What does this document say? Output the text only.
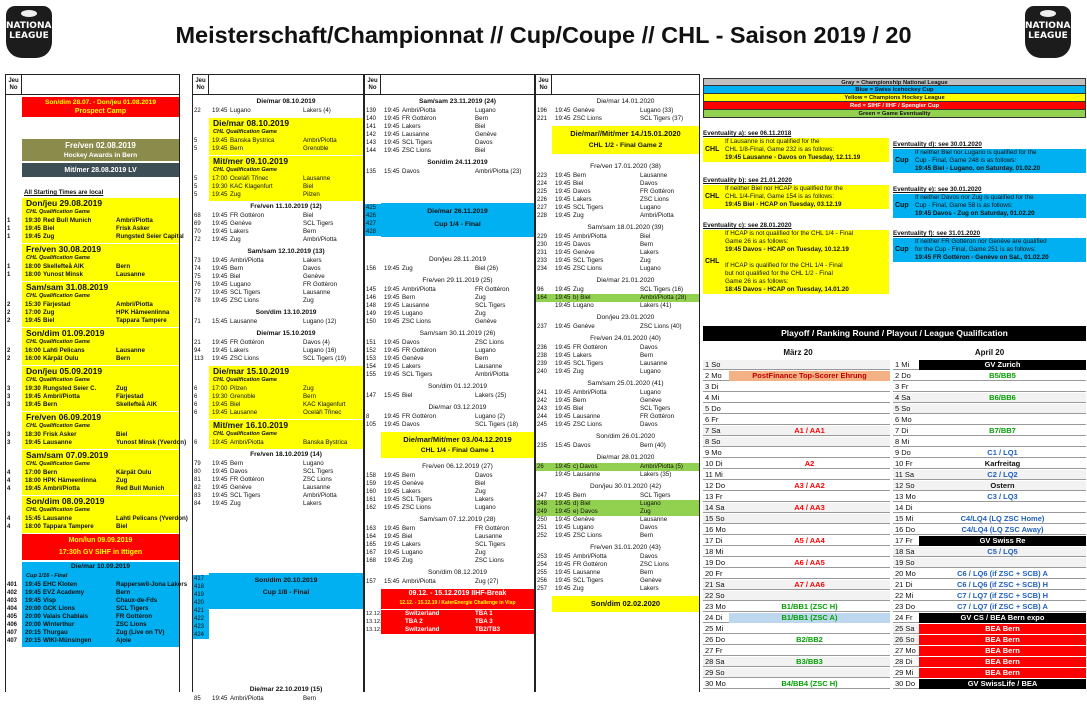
NATIONAL
LEAGUE	Meisterschaft/Championnat // Cup/Coupe // CHL - Saison 2019 / 20	NATIONAL
LEAGUE
Jeu
No
Son/dim 28.07. - Don/jeu 01.08.2019
Prospect Camp
Fre/ven 02.08.2019
Hockey Awards in Bern
Mit/mer 28.08.2019 LV
All Starting Times are local
Don/jeu 29.08.2019
CHL Qualification Game
1	19:30 Red Bull Munich	Ambri/Piotta
1	19:45 Biel	Frisk Asker
1	19:45 Zug	Rungsted Seier Capital
Fre/ven 30.08.2019
CHL Qualification Game
1	18:00 Skellefteå AIK	Bern
1	18:00 Yunost Minsk	Lausanne
Sam/sam 31.08.2019
CHL Qualification Game
2	15:30 Färjestad	Ambri/Piotta
2	17:00 Zug	HPK Hämeenlinna
2	19:45 Biel	Tappara Tampere
Son/dim 01.09.2019
CHL Qualification Game
2	16:00 Lahti Pelicans	Lausanne
2	16:00 Kärpät Oulu	Bern
Don/jeu 05.09.2019
CHL Qualification Game
3	19:30 Rungsted Seier C.	Zug
3	19:45 Ambri/Piotta	Färjestad
3	19:45 Bern	Skellefteå AIK
Fre/ven 06.09.2019
CHL Qualification Game
3	18:30 Frisk Asker	Biel
3	19:45 Lausanne	Yunost Minsk (Yverdon)
Sam/sam 07.09.2019
CHL Qualification Game
4	17:00 Bern	Kärpät Oulu
4	18:00 HPK Hämeenlinna	Zug
4	19:45 Ambri/Piotta	Red Bull Munich
Son/dim 08.09.2019
CHL Qualification Game
4	15:45 Lausanne	Lahti Pelicans (Yverdon)
4	18:00 Tappara Tampere	Biel
Mon/lun 09.09.2019
17:30h GV SIHF in Ittigen
Die/mar 10.09.2019
Cup 1/16 - Final
401	19:45 EHC Kloten	Rapperswil-Jona Lakers
402	19:45 EVZ Academy	Bern
403	19:45 Visp	Chaux-de-Fds
404	20:00 GCK Lions	SCL Tigers
405	20:00 Valais Chablais	FR Gottéron
406	20:00 Winterthur	ZSC Lions
407	20:15 Thurgau	Zug (Live on TV)
407	20:15 WIKI-Münsingen	Ajoie
Jeu
No
Die/mar 08.10.2019
22	19:45 Lugano	Lakers (4)
Die/mar 08.10.2019
CHL Qualification Game
5	19:45 Banska Bystrica	Ambri/Piotta
5	19:45 Bern	Grenoble
Mit/mer 09.10.2019
CHL Qualification Game
5	17:00 Oceláři Třinec	Lausanne
5	19:30 KAC Klagenfurt	Biel
5	19:45 Zug	Pilzen
Fre/ven 11.10.2019 (12)
68	19:45 FR Gottéron	Biel
69	19:45 Genève	SCL Tigers
70	19:45 Lakers	Bern
72	19:45 Zug	Ambri/Piotta
Sam/sam 12.10.2019 (13)
73	19:45 Ambri/Piotta	Lakers
74	19:45 Bern	Davos
75	19:45 Biel	Genève
76	19:45 Lugano	FR Gottéron
77	19:45 SCL Tigers	Lausanne
78	19:45 ZSC Lions	Zug
Son/dim 13.10.2019
71	15:45 Lausanne	Lugano (12)
Die/mar 15.10.2019
21	19:45 FR Gottéron	Davos (4)
94	19:45 Lakers	Lugano (16)
113	19:45 ZSC Lions	SCL Tigers (19)
Die/mar 15.10.2019
CHL Qualification Game
6	17:00 Pilzen	Zug
6	19:30 Grenoble	Bern
6	19:45 Biel	KAC Klagenfurt
6	19:45 Lausanne	Oceláři Třinec
Mit/mer 16.10.2019
CHL Qualification Game
6	19:45 Ambri/Piotta	Banska Bystrica
Fre/ven 18.10.2019 (14)
79	19:45 Bern	Lugano
80	19:45 Davos	SCL Tigers
81	19:45 FR Gottéron	ZSC Lions
82	19:45 Genève	Lausanne
83	19:45 SCL Tigers	Ambri/Piotta
84	19:45 Zug	Lakers
Son/dim 20.10.2019
Cup 1/8 - Final
417
418
419
420
421
422
423
424
Die/mar 22.10.2019 (15)
85	19:45 Ambri/Piotta	Bern
Jeu
No
Sam/sam 23.11.2019 (24)
139	19:45 Ambri/Piotta	Lugano
140	19:45 FR Gottéron	Bern
141	19:45 Lakers	Biel
142	19:45 Lausanne	Genève
143	19:45 SCL Tigers	Davos
144	19:45 ZSC Lions	Biel
Son/dim 24.11.2019
135	15:45 Davos	Ambri/Piotta (23)
Die/mar 26.11.2019
Cup 1/4 - Final
425
426
427
428
Don/jeu 28.11.2019
156	19:45 Zug	Biel (26)
Fre/ven 29.11.2019 (25)
145	19:45 Ambri/Piotta	FR Gottéron
146	19:45 Bern	Zug
148	19:45 Lausanne	SCL Tigers
149	19:45 Lugano	Zug
150	19:45 ZSC Lions	Genève
Sam/sam 30.11.2019 (26)
151	19:45 Davos	ZSC Lions
152	19:45 FR Gottéron	Lugano
153	19:45 Genève	Bern
154	19:45 Lakers	Lausanne
155	19:45 SCL Tigers	Ambri/Piotta
Son/dim 01.12.2019
147	15:45 Biel	Lakers (25)
Die/mar 03.12.2019
8	19:45 FR Gottéron	Lugano (2)
105	19:45 Davos	SCL Tigers (18)
Die/mar/Mit/mer 03./04.12.2019
CHL 1/4 - Final Game 1
Fre/ven 06.12.2019 (27)
158	19:45 Bern	Davos
159	19:45 Genève	Biel
160	19:45 Lakers	Zug
161	19:45 SCL Tigers	Lakers
162	19:45 ZSC Lions	Lugano
Sam/sam 07.12.2019 (28)
163	19:45 Bern	FR Gottéron
164	19:45 Biel	Lausanne
165	19:45 Lakers	SCL Tigers
167	19:45 Lugano	Zug
168	19:45 Zug	ZSC Lions
Son/dim 08.12.2019
157	15:45 Ambri/Piotta	Zug (27)
09.12. - 15.12.2019 IIHF-Break
12.12. - 15.12.19 / KaterEnergie Challenge in Visp
12.12.	Switzerland	TBA 1
13.12.	TBA 2	TBA 3
13.12.	Switzerland	TB2/TB3
Jeu
No
Die/mar 14.01.2020
196	19:45 Genève	Lugano (33)
221	19:45 ZSC Lions	SCL Tigers (37)
Die/mar//Mit/mer 14./15.01.2020
CHL 1/2 - Final Game 2
Fre/ven 17.01.2020 (38)
223	19:45 Bern	Lausanne
224	19:45 Biel	Davos
225	19:45 Davos	FR Gottéron
226	19:45 Lakers	ZSC Lions
227	19:45 SCL Tigers	Lugano
228	19:45 Zug	Ambri/Piotta
Sam/sam 18.01.2020 (39)
229	19:45 Ambri/Piotta	Biel
230	19:45 Davos	Bern
231	19:45 Genève	Lakers
233	19:45 SCL Tigers	Zug
234	19:45 ZSC Lions	Lugano
Die/mar 21.01.2020
96	19:45 Zug	SCL Tigers (16)
164	19:45 b) Biel	Ambri/Piotta (28)
19:45 Lugano	Lakers (41)
Don/jeu 23.01.2020
237	19:45 Genève	ZSC Lions (40)
Fre/ven 24.01.2020 (40)
236	19:45 FR Gottéron	Davos
238	19:45 Lakers	Bern
239	19:45 SCL Tigers	Lausanne
240	19:45 Zug	Lugano
Sam/sam 25.01.2020 (41)
241	19:45 Ambri/Piotta	Lugano
242	19:45 Bern	Genève
243	19:45 Biel	SCL Tigers
244	19:45 Lausanne	FR Gottéron
245	19:45 ZSC Lions	Davos
Son/dim 26.01.2020
235	15:45 Davos	Bern (40)
Die/mar 28.01.2020
26	19:45 c) Davos	Ambri/Piotta (5)
19:45 Lausanne	Lakers (35)
Don/jeu 30.01.2020 (42)
247	19:45 Bern	SCL Tigers
248	19:45 d) Biel	Lugano
249	19:45 e) Davos	Zug
250	19:45 Genève	Lausanne
251	19:45 Lugano	Davos
252	19:45 ZSC Lions	Bern
Fre/ven 31.01.2020 (43)
253	19:45 Ambri/Piotta	Davos
254	19:45 FR Gottéron	ZSC Lions
255	19:45 Lausanne	Bern
256	19:45 SCL Tigers	Genève
257	19:45 Zug	Lakers
Son/dim 02.02.2020
Gray = Championship National League
Blue = Swiss Icehockey Cup
Yellow = Champions Hockey League
Red = SIHF / IIHF / Spengler Cup
Green = Game Eventuality
Eventuality a): see 06.11.2018
CHL
If Lausanne is not qualified for the
CHL 1/8-Final, Game 232 is as follows:
19:45 Lausanne - Davos on Tuesday, 12.11.19
Eventuality b): see 21.01.2020
CHL
If neither Biel nor HCAP is qualified for the
CHL 1/4-Final, Game 154 is as follows:
19:45 Biel - HCAP on Tuesday, 03.12.19
Eventuality c): see 28.01.2020
CHL
If HCAP is not qualified for the CHL 1/4 - Final
Game 26 is as follows:
19:45 Davos - HCAP on Tuesday, 10.12.19
If HCAP is qualified for the CHL 1/4 - Final
but not qualified for the CHL 1/2 - Final
Game 26 is as follows:
18:45 Davos - HCAP on Tuesday, 14.01.20
Eventuality d): see 30.01.2020
Cup
If neither Biel nor Lugano is qualified for the
Cup - Final, Game 248 is as follows:
19:45 Biel - Lugano, on Saturday, 01.02.20
Eventuality e): see 30.01.2020
Cup
If neither Davos nor Zug is qualified for the
Cup - Final, Game 58 is as follows:
19:45 Davos - Zug on Saturday, 01.02.20
Eventuality f): see 31.01.2020
Cup
If neither FR Gottéron nor Genève are qualified
for the Cup - Final, Game 251 is as follows:
19:45 FR Gottéron - Genève on Sat., 01.02.20
Playoff / Ranking Round / Playout / League Qualification
März 20	April 20
1 So
2 Mo	PostFinance Top-Scorer Ehrung
3 Di
4 Mi
5 Do
6 Fr
7 Sa	A1 / AA1
8 So
9 Mo
10 Di	A2
11 Mi
12 Do	A3 / AA2
13 Fr
14 Sa	A4 / AA3
15 So
16 Mo
17 Di	A5 / AA4
18 Mi
19 Do	A6 / AA5
20 Fr
21 Sa	A7 / AA6
22 So
23 Mo	B1/BB1 (ZSC H)
24 Di	B1/BB1 (ZSC A)
25 Mi
26 Do	B2/BB2
27 Fr
28 Sa	B3/BB3
29 So
30 Mo	B4/BB4 (ZSC H)
1 Mi	GV Zurich
2 Do	B5/BB5
3 Fr
4 Sa	B6/BB6
5 So
6 Mo
7 Di	B7/BB7
8 Mi
9 Do	C1 / LQ1
10 Fr	Karfreitag
11 Sa	C2 / LQ2
12 So	Ostern
13 Mo	C3 / LQ3
14 Di
15 Mi	C4/LQ4 (LQ ZSC Home)
16 Do	C4/LQ4 (LQ ZSC Away)
17 Fr	GV Swiss Re
18 Sa	C5 / LQ5
19 So
20 Mo	C6 / LQ6 (if ZSC + SCB) A
21 Di	C6 / LQ6 (if ZSC + SCB) H
22 Mi	C7 / LQ7 (if ZSC + SCB) H
23 Do	C7 / LQ7 (if ZSC + SCB) A
24 Fr	GV CS / BEA Bern expo
25 Sa	BEA Bern
26 So	BEA Bern
27 Mo	BEA Bern
28 Di	BEA Bern
29 Mi	BEA Bern
30 Do	GV SwissLife / BEA
